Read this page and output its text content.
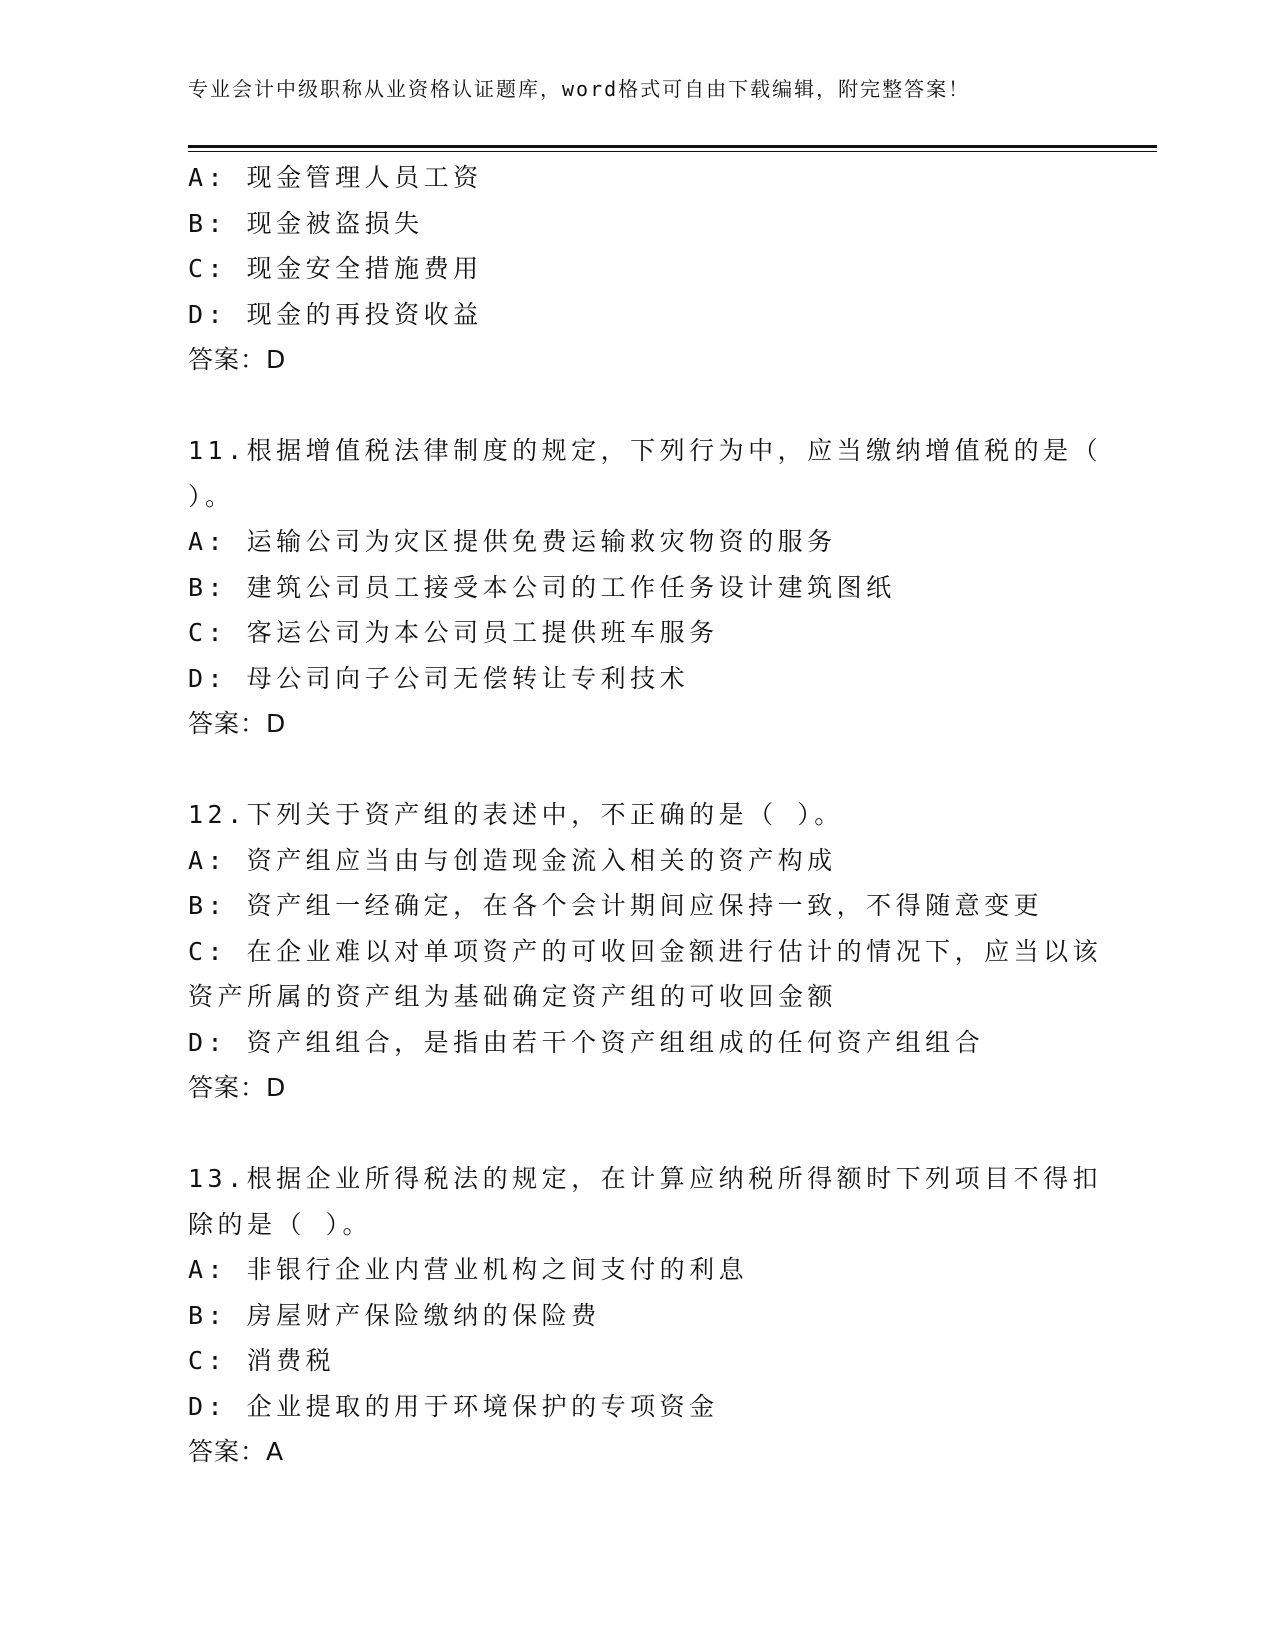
专业会计中级职称从业资格认证题库，word格式可自由下载编辑，附完整答案！
A: 现金管理人员工资
B: 现金被盗损失
C: 现金安全措施费用
D: 现金的再投资收益
答案：D
11.根据增值税法律制度的规定，下列行为中，应当缴纳增值税的是（
）。
A: 运输公司为灾区提供免费运输救灾物资的服务
B: 建筑公司员工接受本公司的工作任务设计建筑图纸
C: 客运公司为本公司员工提供班车服务
D: 母公司向子公司无偿转让专利技术
答案：D
12.下列关于资产组的表述中，不正确的是（ ）。
A: 资产组应当由与创造现金流入相关的资产构成
B: 资产组一经确定，在各个会计期间应保持一致，不得随意变更
C: 在企业难以对单项资产的可收回金额进行估计的情况下，应当以该
资产所属的资产组为基础确定资产组的可收回金额
D: 资产组组合，是指由若干个资产组组成的任何资产组组合
答案：D
13.根据企业所得税法的规定，在计算应纳税所得额时下列项目不得扣
除的是（ ）。
A: 非银行企业内营业机构之间支付的利息
B: 房屋财产保险缴纳的保险费
C: 消费税
D: 企业提取的用于环境保护的专项资金
答案：A
